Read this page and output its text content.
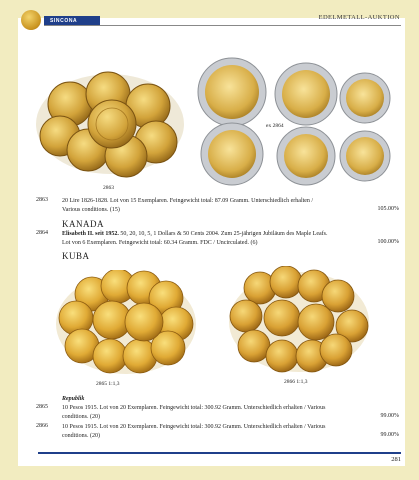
SINCONA	EDELMETALL-AUKTION
2863
ex 2864
2863 20 Lire 1826-1828. Lot von 15 Exemplaren. Feingewicht total: 87.09 Gramm. Unterschiedlich erhalten /
Various conditions. (15)	105.00%
KANADA
2864 Elisabeth II. seit 1952. 50, 20, 10, 5, 1 Dollars & 50 Cents 2004. Zum 25-jährigen Jubiläum des Maple Leafs.
Lot von 6 Exemplaren. Feingewicht total: 60.34 Gramm. FDC / Uncirculated. (6)	100.00%
KUBA
2865 1:1,3	2866 1:1,3
Republik
2865 10 Pesos 1915. Lot von 20 Exemplaren. Feingewicht total: 300.92 Gramm. Unterschiedlich erhalten / Various
conditions. (20)	99.00%
2866 10 Pesos 1915. Lot von 20 Exemplaren. Feingewicht total: 300.92 Gramm. Unterschiedlich erhalten / Various
conditions. (20)	99.00%
281
